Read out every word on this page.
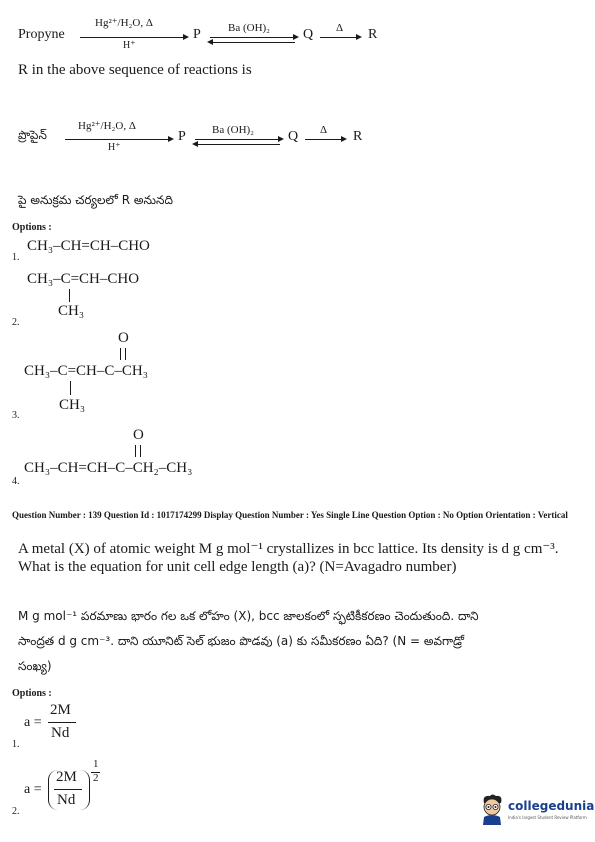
Propyne
Hg²⁺/H₂O, Δ
H⁺
P Ba (OH)₂ Q Δ R
R in the above sequence of reactions is
ప్రొపైన్
Hg²⁺/H₂O, Δ
H⁺
P Ba (OH)₂ Q Δ R
పై అనుక్రమ చర్యలలో R అనునది
Options :
1.
CH₃–CH=CH–CHO
CH₃–C=CH–CHO
CH₃
2.
O
CH₃–C=CH–C–CH₃
CH₃
3.
O
CH₃–CH=CH–C–CH₂–CH₃
4.
Question Number : 139 Question Id : 1017174299 Display Question Number : Yes Single Line Question Option : No Option Orientation : Vertical
A metal (X) of atomic weight M g mol⁻¹ crystallizes in bcc lattice. Its density is d g cm⁻³.
What is the equation for unit cell edge length (a)? (N=Avagadro number)
M g mol⁻¹ పరమాణు భారం గల ఒక లోహం (X), bcc జాలకంలో స్ఫటికీకరణం చెందుతుంది. దాని
సాంద్రత d g cm⁻³. దాని యూనిట్ సెల్ భుజం పొడవు (a) కు సమీకరణం ఏది? (N = అవగాడ్రో
సంఖ్య)
Options :
a =
2M
Nd
1.
a =
2M
Nd
1
2
2.	collegedunia
India's largest Student Review Platform
